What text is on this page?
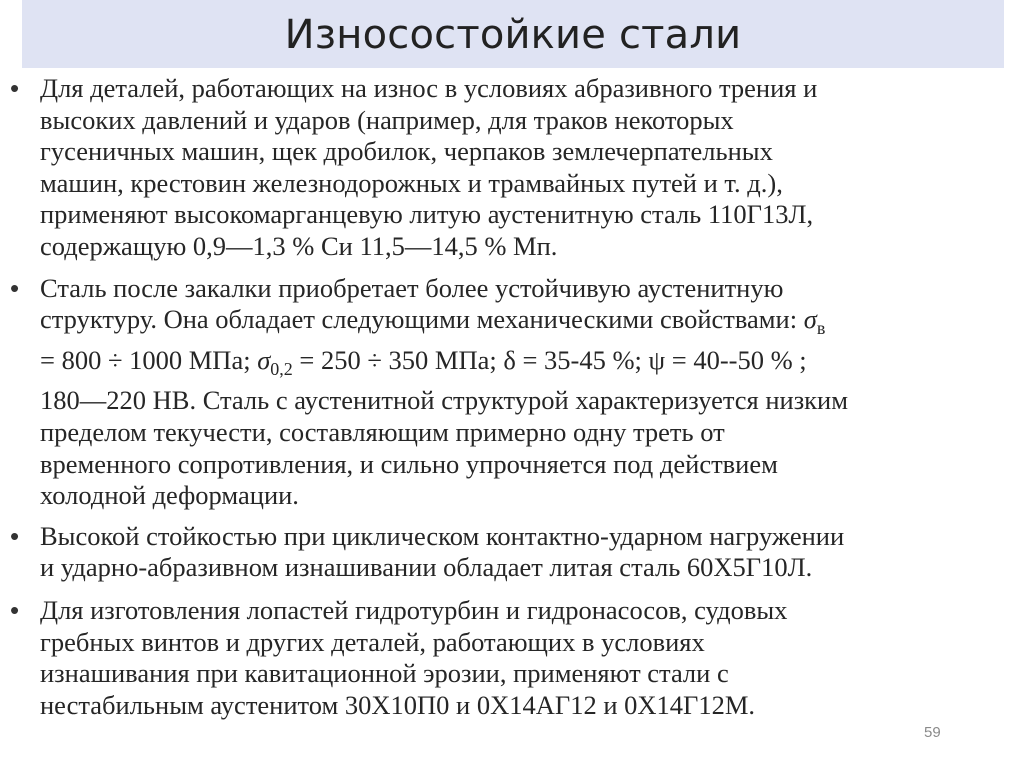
Износостойкие стали
• Для деталей, работающих на износ в условиях абразивного трения и
высоких давлений и ударов (например, для траков некоторых
гусеничных машин, щек дробилок, черпаков землечерпательных
машин, крестовин железнодорожных и трамвайных путей и т. д.),
применяют высокомарганцевую литую аустенитную сталь 110Г13Л,
содержащую 0,9—1,3 % Си 11,5—14,5 % Мп.
• Сталь после закалки приобретает более устойчивую аустенитную
структуру. Она обладает следующими механическими свойствами: $\sigma_в$
= 800 ÷ 1000 МПа; $\sigma_{0,2} = 250 \div 350$ МПа; δ = 35-45 %; ψ = 40--50 % ;
180—220 НВ. Сталь с аустенитной структурой характеризуется низким
пределом текучести, составляющим примерно одну треть от
временного сопротивления, и сильно упрочняется под действием
холодной деформации.
• Высокой стойкостью при циклическом контактно-ударном нагружении
и ударно-абразивном изнашивании обладает литая сталь 60Х5Г10Л.
• Для изготовления лопастей гидротурбин и гидронасосов, судовых
гребных винтов и других деталей, работающих в условиях
изнашивания при кавитационной эрозии, применяют стали с
нестабильным аустенитом 30Х10П0 и 0Х14АГ12 и 0Х14Г12М.
59
